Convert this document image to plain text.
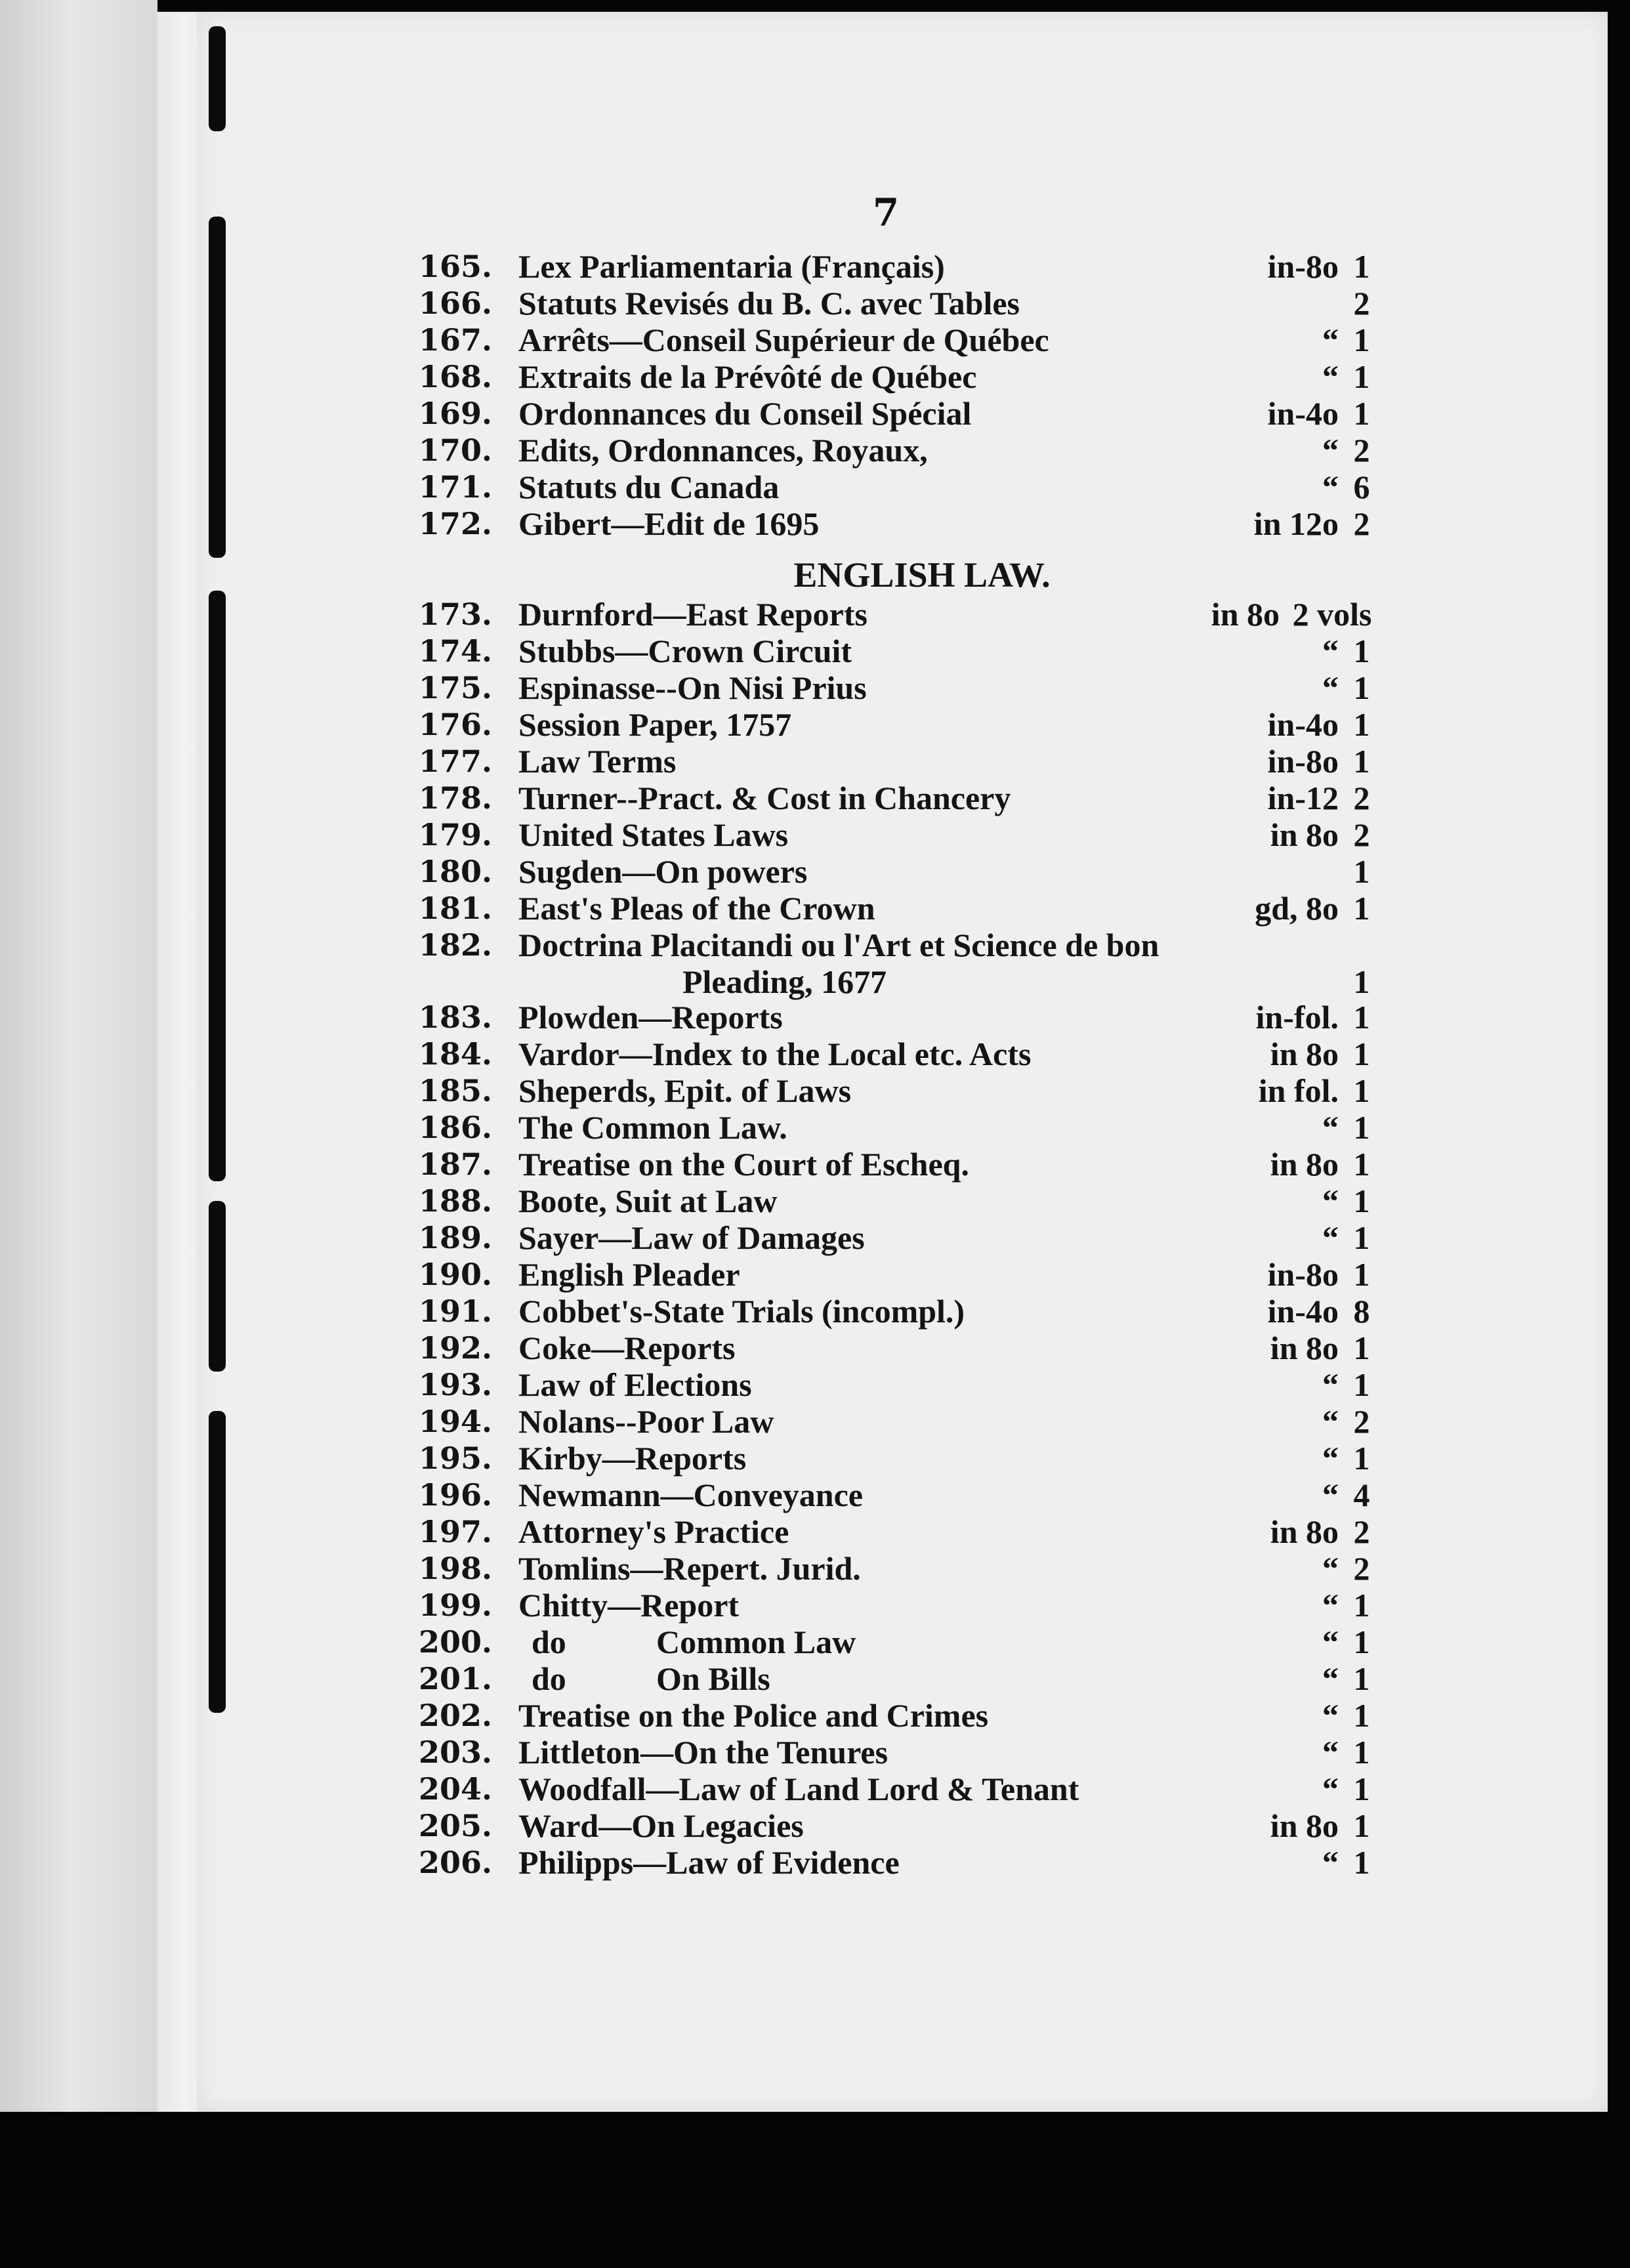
7
165. Lex Parliamentaria (Français)	in-8o 1
166. Statuts Revisés du B. C. avec Tables	2
167. Arrêts—Conseil Supérieur de Québec	“ 1
168. Extraits de la Prévôté de Québec	“ 1
169. Ordonnances du Conseil Spécial	in-4o 1
170. Edits, Ordonnances, Royaux,	“ 2
171. Statuts du Canada	“ 6
172. Gibert—Edit de 1695	in 12o 2
ENGLISH LAW.
173. Durnford—East Reports	in 8o 2 vols
174. Stubbs—Crown Circuit	“ 1
175. Espinasse--On Nisi Prius	“ 1
176. Session Paper, 1757	in-4o 1
177. Law Terms	in-8o 1
178. Turner--Pract. & Cost in Chancery	in-12 2
179. United States Laws	in 8o 2
180. Sugden—On powers	1
181. East's Pleas of the Crown	gd, 8o 1
182. Doctrina Placitandi ou l'Art et Science de bon
Pleading, 1677	1
183. Plowden—Reports	in-fol. 1
184. Vardor—Index to the Local etc. Acts	in 8o 1
185. Sheperds, Epit. of Laws	in fol. 1
186. The Common Law.	“ 1
187. Treatise on the Court of Escheq.	in 8o 1
188. Boote, Suit at Law	“ 1
189. Sayer—Law of Damages	“ 1
190. English Pleader	in-8o 1
191. Cobbet's-State Trials (incompl.)	in-4o 8
192. Coke—Reports	in 8o 1
193. Law of Elections	“ 1
194. Nolans--Poor Law	“ 2
195. Kirby—Reports	“ 1
196. Newmann—Conveyance	“ 4
197. Attorney's Practice	in 8o 2
198. Tomlins—Repert. Jurid.	“ 2
199. Chitty—Report	“ 1
200. do	Common Law	“ 1
201. do	On Bills	“ 1
202. Treatise on the Police and Crimes	“ 1
203. Littleton—On the Tenures	“ 1
204. Woodfall—Law of Land Lord & Tenant	“ 1
205. Ward—On Legacies	in 8o 1
206. Philipps—Law of Evidence	“ 1
